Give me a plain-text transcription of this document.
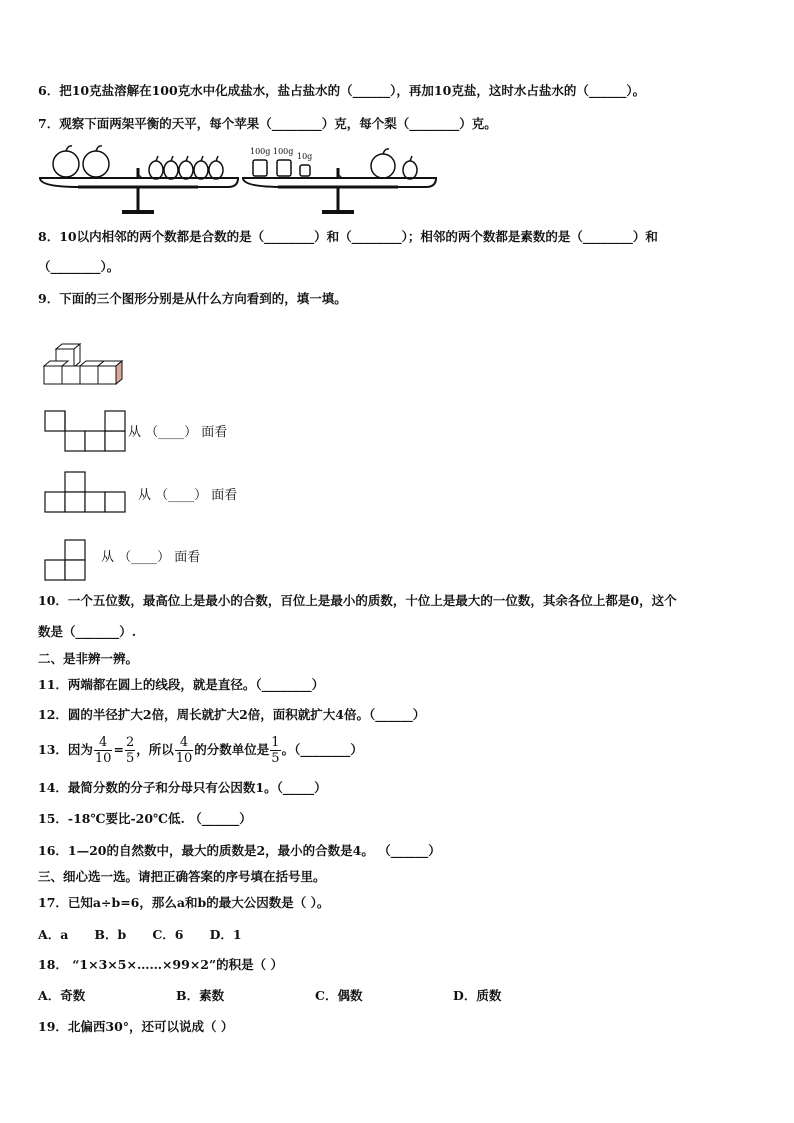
6．把10克盐溶解在100克水中化成盐水，盐占盐水的（______），再加10克盐，这时水占盐水的（______）。
7．观察下面两架平衡的天平，每个苹果（________）克，每个梨（________）克。
100g 100g
10g
8．10以内相邻的两个数都是合数的是（________）和（________）；相邻的两个数都是素数的是（________）和
（________）。
9．下面的三个图形分别是从什么方向看到的，填一填。
从 （____） 面看
从 （____） 面看
从 （____） 面看
10．一个五位数，最高位上是最小的合数，百位上是最小的质数，十位上是最大的一位数，其余各位上都是0，这个
数是（_______）.
二、是非辨一辨。
11．两端都在圆上的线段，就是直径。（________）
12．圆的半径扩大2倍，周长就扩大2倍，面积就扩大4倍。（______）
13．因为 $\frac{4}{10} = \frac{2}{5}$ ，所以 $\frac{4}{10}$ 的分数单位是 $\frac{1}{5}$ 。（________）
14．最简分数的分子和分母只有公因数1。（_____）
15．-18℃要比-20℃低. （______）
16．1—20的自然数中，最大的质数是2，最小的合数是4。 （______）
三、细心选一选。请把正确答案的序号填在括号里。
17．已知a÷b=6，那么a和b的最大公因数是（ ）。
A．a      B．b      C．6      D．1
18． “1×3×5×……×99×2”的积是（ ）
A．奇数	B．素数	C．偶数	D．质数
19．北偏西30°，还可以说成（ ）
